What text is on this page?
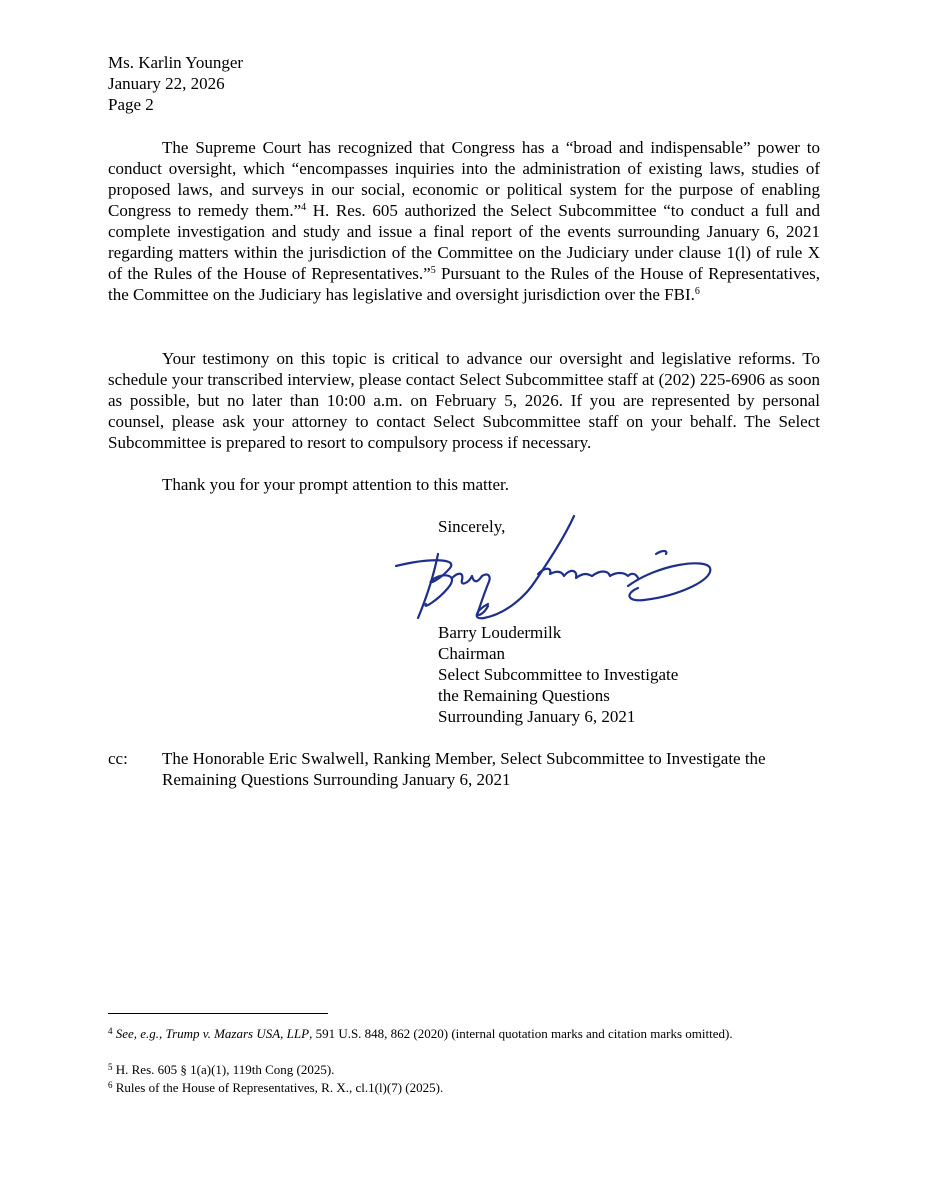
Ms. Karlin Younger
January 22, 2026
Page 2
The Supreme Court has recognized that Congress has a “broad and indispensable” power to conduct oversight, which “encompasses inquiries into the administration of existing laws, studies of proposed laws, and surveys in our social, economic or political system for the purpose of enabling Congress to remedy them.”$^4$ H. Res. 605 authorized the Select Subcommittee “to conduct a full and complete investigation and study and issue a final report of the events surrounding January 6, 2021 regarding matters within the jurisdiction of the Committee on the Judiciary under clause 1(l) of rule X of the Rules of the House of Representatives.”$^5$ Pursuant to the Rules of the House of Representatives, the Committee on the Judiciary has legislative and oversight jurisdiction over the FBI.$^6$
Your testimony on this topic is critical to advance our oversight and legislative reforms. To schedule your transcribed interview, please contact Select Subcommittee staff at (202) 225-6906 as soon as possible, but no later than 10:00 a.m. on February 5, 2026. If you are represented by personal counsel, please ask your attorney to contact Select Subcommittee staff on your behalf. The Select Subcommittee is prepared to resort to compulsory process if necessary.
Thank you for your prompt attention to this matter.
Sincerely,
Barry Loudermilk
Chairman
Select Subcommittee to Investigate
the Remaining Questions
Surrounding January 6, 2021
cc: The Honorable Eric Swalwell, Ranking Member, Select Subcommittee to Investigate the Remaining Questions Surrounding January 6, 2021
$^4$ See, e.g., Trump v. Mazars USA, LLP, 591 U.S. 848, 862 (2020) (internal quotation marks and citation marks omitted).
$^5$ H. Res. 605 § 1(a)(1), 119th Cong (2025).
$^6$ Rules of the House of Representatives, R. X., cl.1(l)(7) (2025).
